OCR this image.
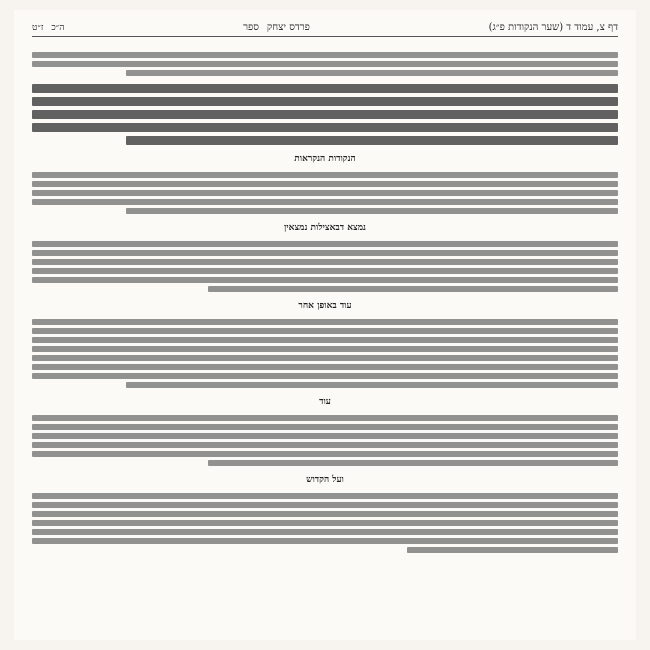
דף צ, עמוד ד (שער הנקודות פ״ג)
פרדס יצחק
ספר
ה״כ
ז״ט
הנקודות הנקראות
נמצא דבאצילות נמצאין
עוד באופן אחר
עוד
ועל הקדוש
